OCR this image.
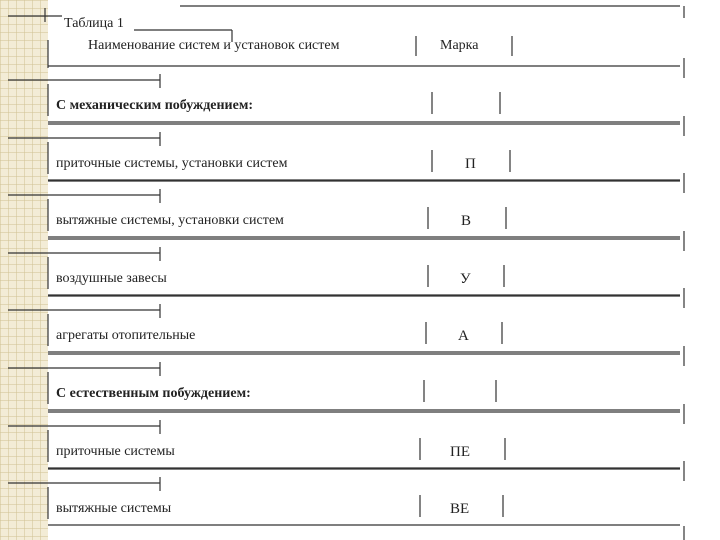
Таблица 1
Наименование систем и установок систем	Марка
С механическим побуждением:
приточные системы, установки систем	П
вытяжные системы, установки систем	В
воздушные завесы	У
агрегаты отопительные	А
С естественным побуждением:
приточные системы	ПЕ
вытяжные системы	ВЕ
